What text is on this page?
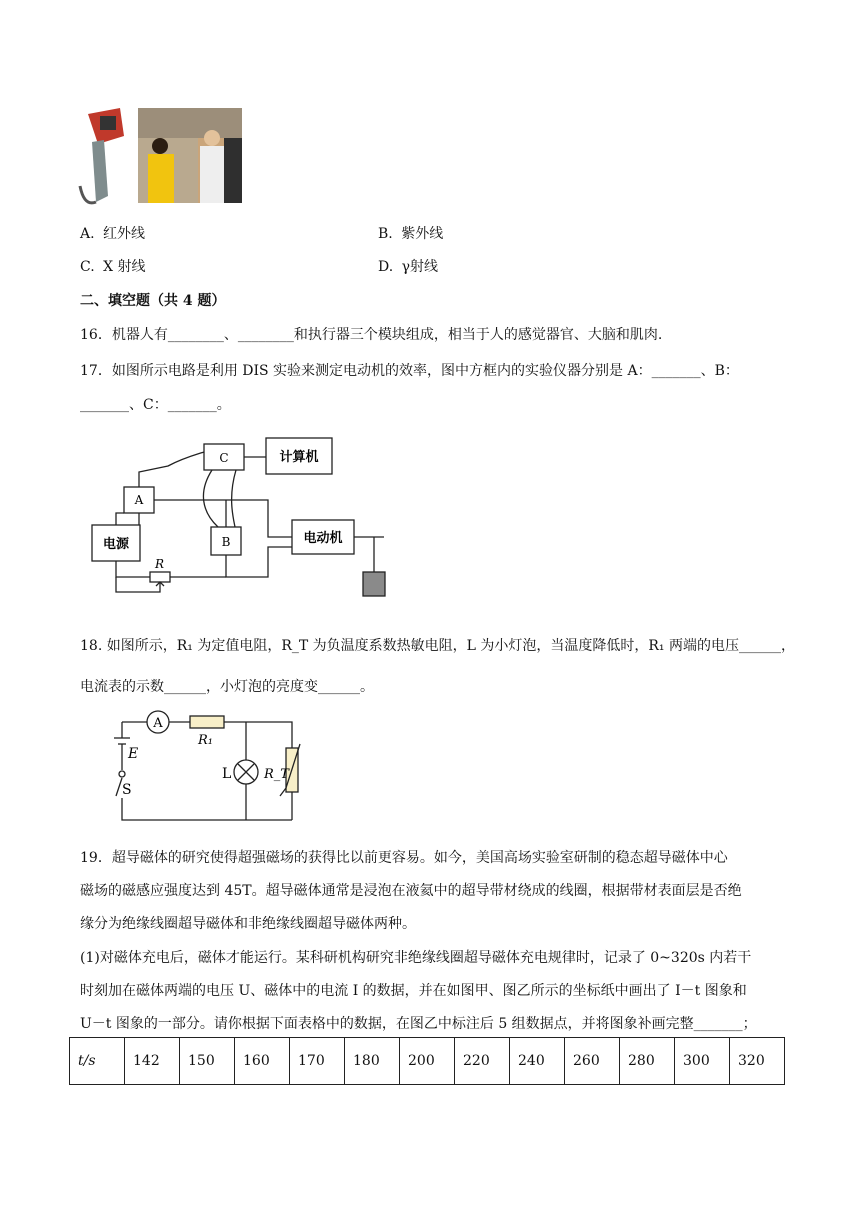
A. 红外线	B. 紫外线
C. X 射线	D. γ射线
二、填空题（共 4 题）
16．机器人有________、________和执行器三个模块组成，相当于人的感觉器官、大脑和肌肉.
17．如图所示电路是利用 DIS 实验来测定电动机的效率，图中方框内的实验仪器分别是 A：_______、B：
_______、C：_______。
C	计算机
A
B
电源	电动机
R
18. 如图所示，R₁ 为定值电阻，R_T 为负温度系数热敏电阻，L 为小灯泡，当温度降低时，R₁ 两端的电压______，
电流表的示数______，小灯泡的亮度变______。
A
R₁
E
L	R_T
S
19．超导磁体的研究使得超强磁场的获得比以前更容易。如今，美国高场实验室研制的稳态超导磁体中心
磁场的磁感应强度达到 45T。超导磁体通常是浸泡在液氦中的超导带材绕成的线圈，根据带材表面层是否绝
缘分为绝缘线圈超导磁体和非绝缘线圈超导磁体两种。
(1)对磁体充电后，磁体才能运行。某科研机构研究非绝缘线圈超导磁体充电规律时，记录了 0~320s 内若干
时刻加在磁体两端的电压 U、磁体中的电流 I 的数据，并在如图甲、图乙所示的坐标纸中画出了 I－t 图象和
U－t 图象的一部分。请你根据下面表格中的数据，在图乙中标注后 5 组数据点，并将图象补画完整_______；
t/s	142	150	160	170	180	200	220	240	260	280	300	320
